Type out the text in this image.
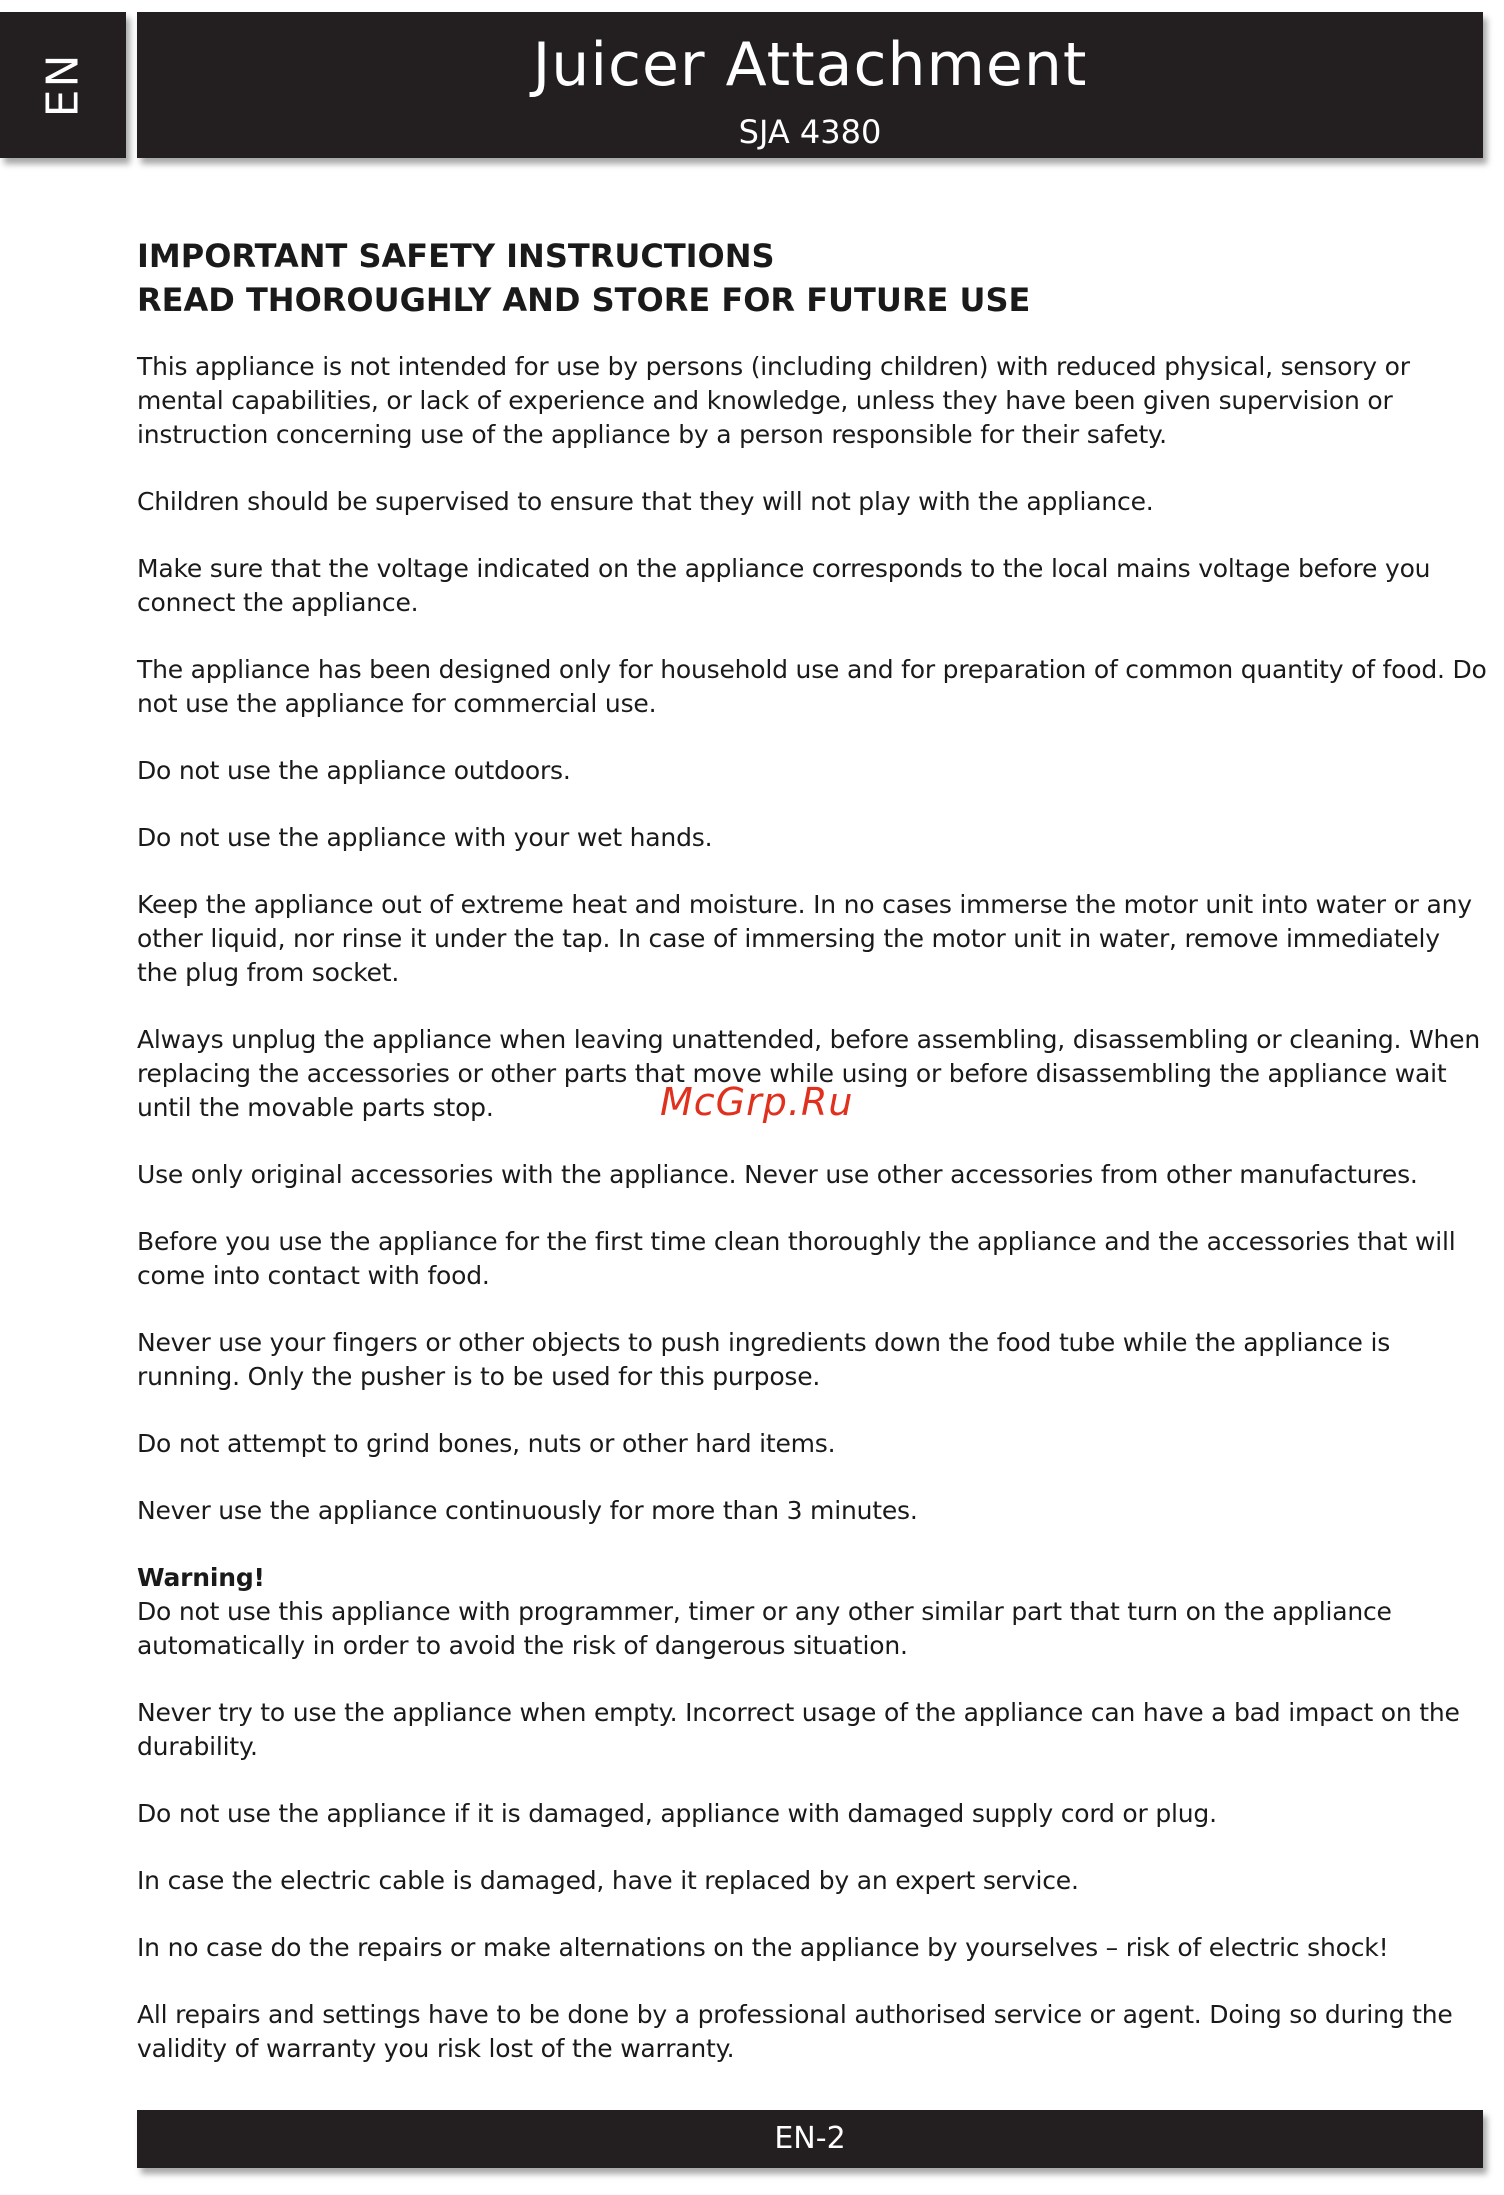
EN	Juicer Attachment
SJA 4380
IMPORTANT SAFETY INSTRUCTIONS
READ THOROUGHLY AND STORE FOR FUTURE USE

This appliance is not intended for use by persons (including children) with reduced physical, sensory or mental capabilities, or lack of experience and knowledge, unless they have been given supervision or instruction concerning use of the appliance by a person responsible for their safety.

Children should be supervised to ensure that they will not play with the appliance.

Make sure that the voltage indicated on the appliance corresponds to the local mains voltage before you connect the appliance.

The appliance has been designed only for household use and for preparation of common quantity of food. Do not use the appliance for commercial use.

Do not use the appliance outdoors.

Do not use the appliance with your wet hands.

Keep the appliance out of extreme heat and moisture. In no cases immerse the motor unit into water or any other liquid, nor rinse it under the tap. In case of immersing the motor unit in water, remove immediately the plug from socket.

Always unplug the appliance when leaving unattended, before assembling, disassembling or cleaning. When replacing the accessories or other parts that move while using or before disassembling the appliance wait until the movable parts stop.

Use only original accessories with the appliance. Never use other accessories from other manufactures.

Before you use the appliance for the first time clean thoroughly the appliance and the accessories that will come into contact with food.

Never use your fingers or other objects to push ingredients down the food tube while the appliance is running. Only the pusher is to be used for this purpose.

Do not attempt to grind bones, nuts or other hard items.

Never use the appliance continuously for more than 3 minutes.

Warning!
Do not use this appliance with programmer, timer or any other similar part that turn on the appliance automatically in order to avoid the risk of dangerous situation.

Never try to use the appliance when empty. Incorrect usage of the appliance can have a bad impact on the durability.

Do not use the appliance if it is damaged, appliance with damaged supply cord or plug.

In case the electric cable is damaged, have it replaced by an expert service.

In no case do the repairs or make alternations on the appliance by yourselves – risk of electric shock!

All repairs and settings have to be done by a professional authorised service or agent. Doing so during the validity of warranty you risk lost of the warranty.

McGrp.Ru
EN-2
